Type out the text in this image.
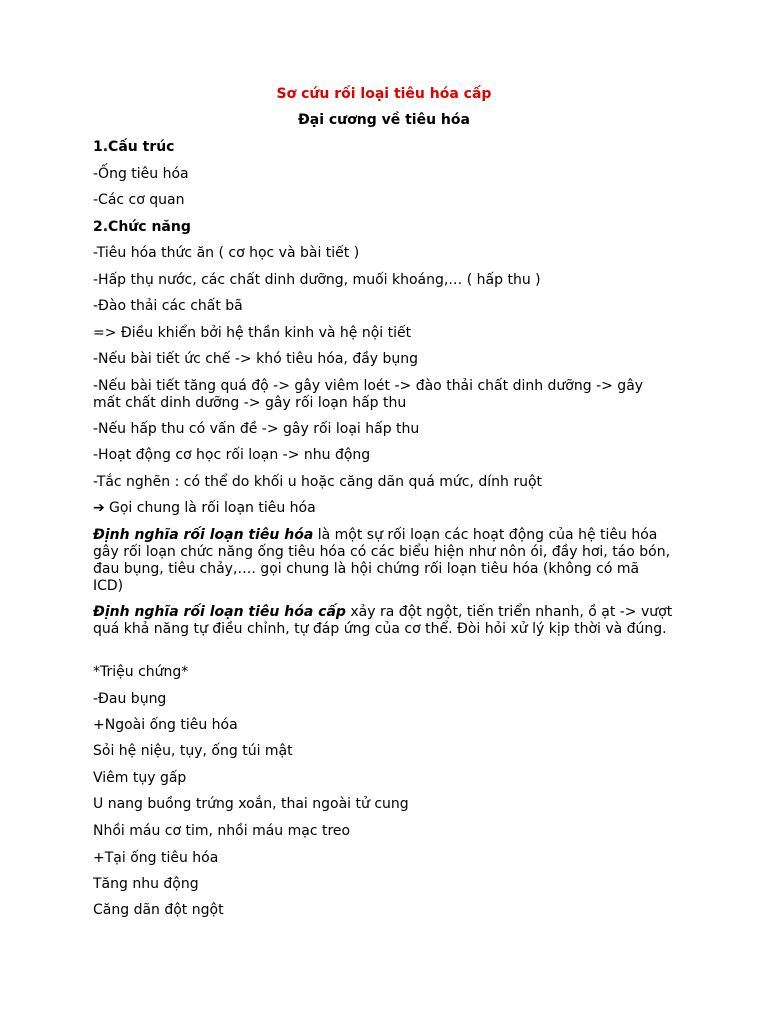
Sơ cứu rối loại tiêu hóa cấp
Đại cương về tiêu hóa
1.Cấu trúc
-Ống tiêu hóa
-Các cơ quan
2.Chức năng
-Tiêu hóa thức ăn ( cơ học và bài tiết )
-Hấp thụ nước, các chất dinh dưỡng, muối khoáng,… ( hấp thu )
-Đào thải các chất bã
=> Điều khiển bởi hệ thần kinh và hệ nội tiết
-Nếu bài tiết ức chế -> khó tiêu hóa, đầy bụng
-Nếu bài tiết tăng quá độ -> gây viêm loét -> đào thải chất dinh dưỡng -> gây mất chất dinh dưỡng -> gây rối loạn hấp thu
-Nếu hấp thu có vấn đề -> gây rối loại hấp thu
-Hoạt động cơ học rối loạn -> nhu động
-Tắc nghẽn : có thể do khối u hoặc căng dãn quá mức, dính ruột
➔ Gọi chung là rối loạn tiêu hóa
Định nghĩa rối loạn tiêu hóa là một sự rối loạn các hoạt động của hệ tiêu hóa gây rối loạn chức năng ống tiêu hóa có các biểu hiện như nôn ói, đầy hơi, táo bón, đau bụng, tiêu chảy,…. gọi chung là hội chứng rối loạn tiêu hóa (không có mã ICD)
Định nghĩa rối loạn tiêu hóa cấp xảy ra đột ngột, tiến triển nhanh, ồ ạt -> vượt quá khả năng tự điều chỉnh, tự đáp ứng của cơ thể. Đòi hỏi xử lý kịp thời và đúng.
*Triệu chứng*
-Đau bụng
+Ngoài ống tiêu hóa
Sỏi hệ niệu, tụy, ống túi mật
Viêm tụy gấp
U nang buồng trứng xoắn, thai ngoài tử cung
Nhồi máu cơ tim, nhồi máu mạc treo
+Tại ống tiêu hóa
Tăng nhu động
Căng dãn đột ngột
